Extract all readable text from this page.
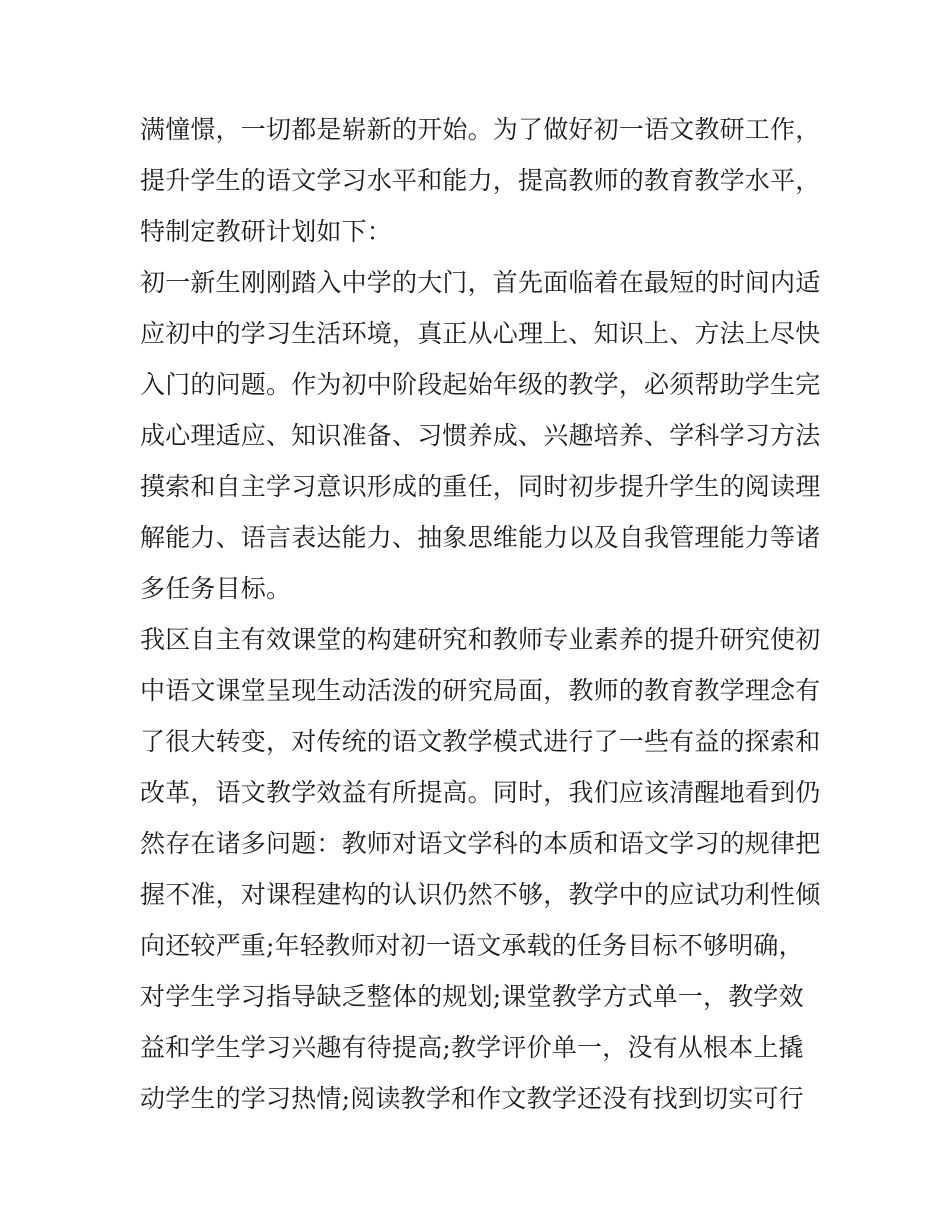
满憧憬，一切都是崭新的开始。为了做好初一语文教研工作，
提升学生的语文学习水平和能力，提高教师的教育教学水平，
特制定教研计划如下：
初一新生刚刚踏入中学的大门，首先面临着在最短的时间内适
应初中的学习生活环境，真正从心理上、知识上、方法上尽快
入门的问题。作为初中阶段起始年级的教学，必须帮助学生完
成心理适应、知识准备、习惯养成、兴趣培养、学科学习方法
摸索和自主学习意识形成的重任，同时初步提升学生的阅读理
解能力、语言表达能力、抽象思维能力以及自我管理能力等诸
多任务目标。
我区自主有效课堂的构建研究和教师专业素养的提升研究使初
中语文课堂呈现生动活泼的研究局面，教师的教育教学理念有
了很大转变，对传统的语文教学模式进行了一些有益的探索和
改革，语文教学效益有所提高。同时，我们应该清醒地看到仍
然存在诸多问题：教师对语文学科的本质和语文学习的规律把
握不准，对课程建构的认识仍然不够，教学中的应试功利性倾
向还较严重;年轻教师对初一语文承载的任务目标不够明确，
对学生学习指导缺乏整体的规划;课堂教学方式单一，教学效
益和学生学习兴趣有待提高;教学评价单一，没有从根本上撬
动学生的学习热情;阅读教学和作文教学还没有找到切实可行
